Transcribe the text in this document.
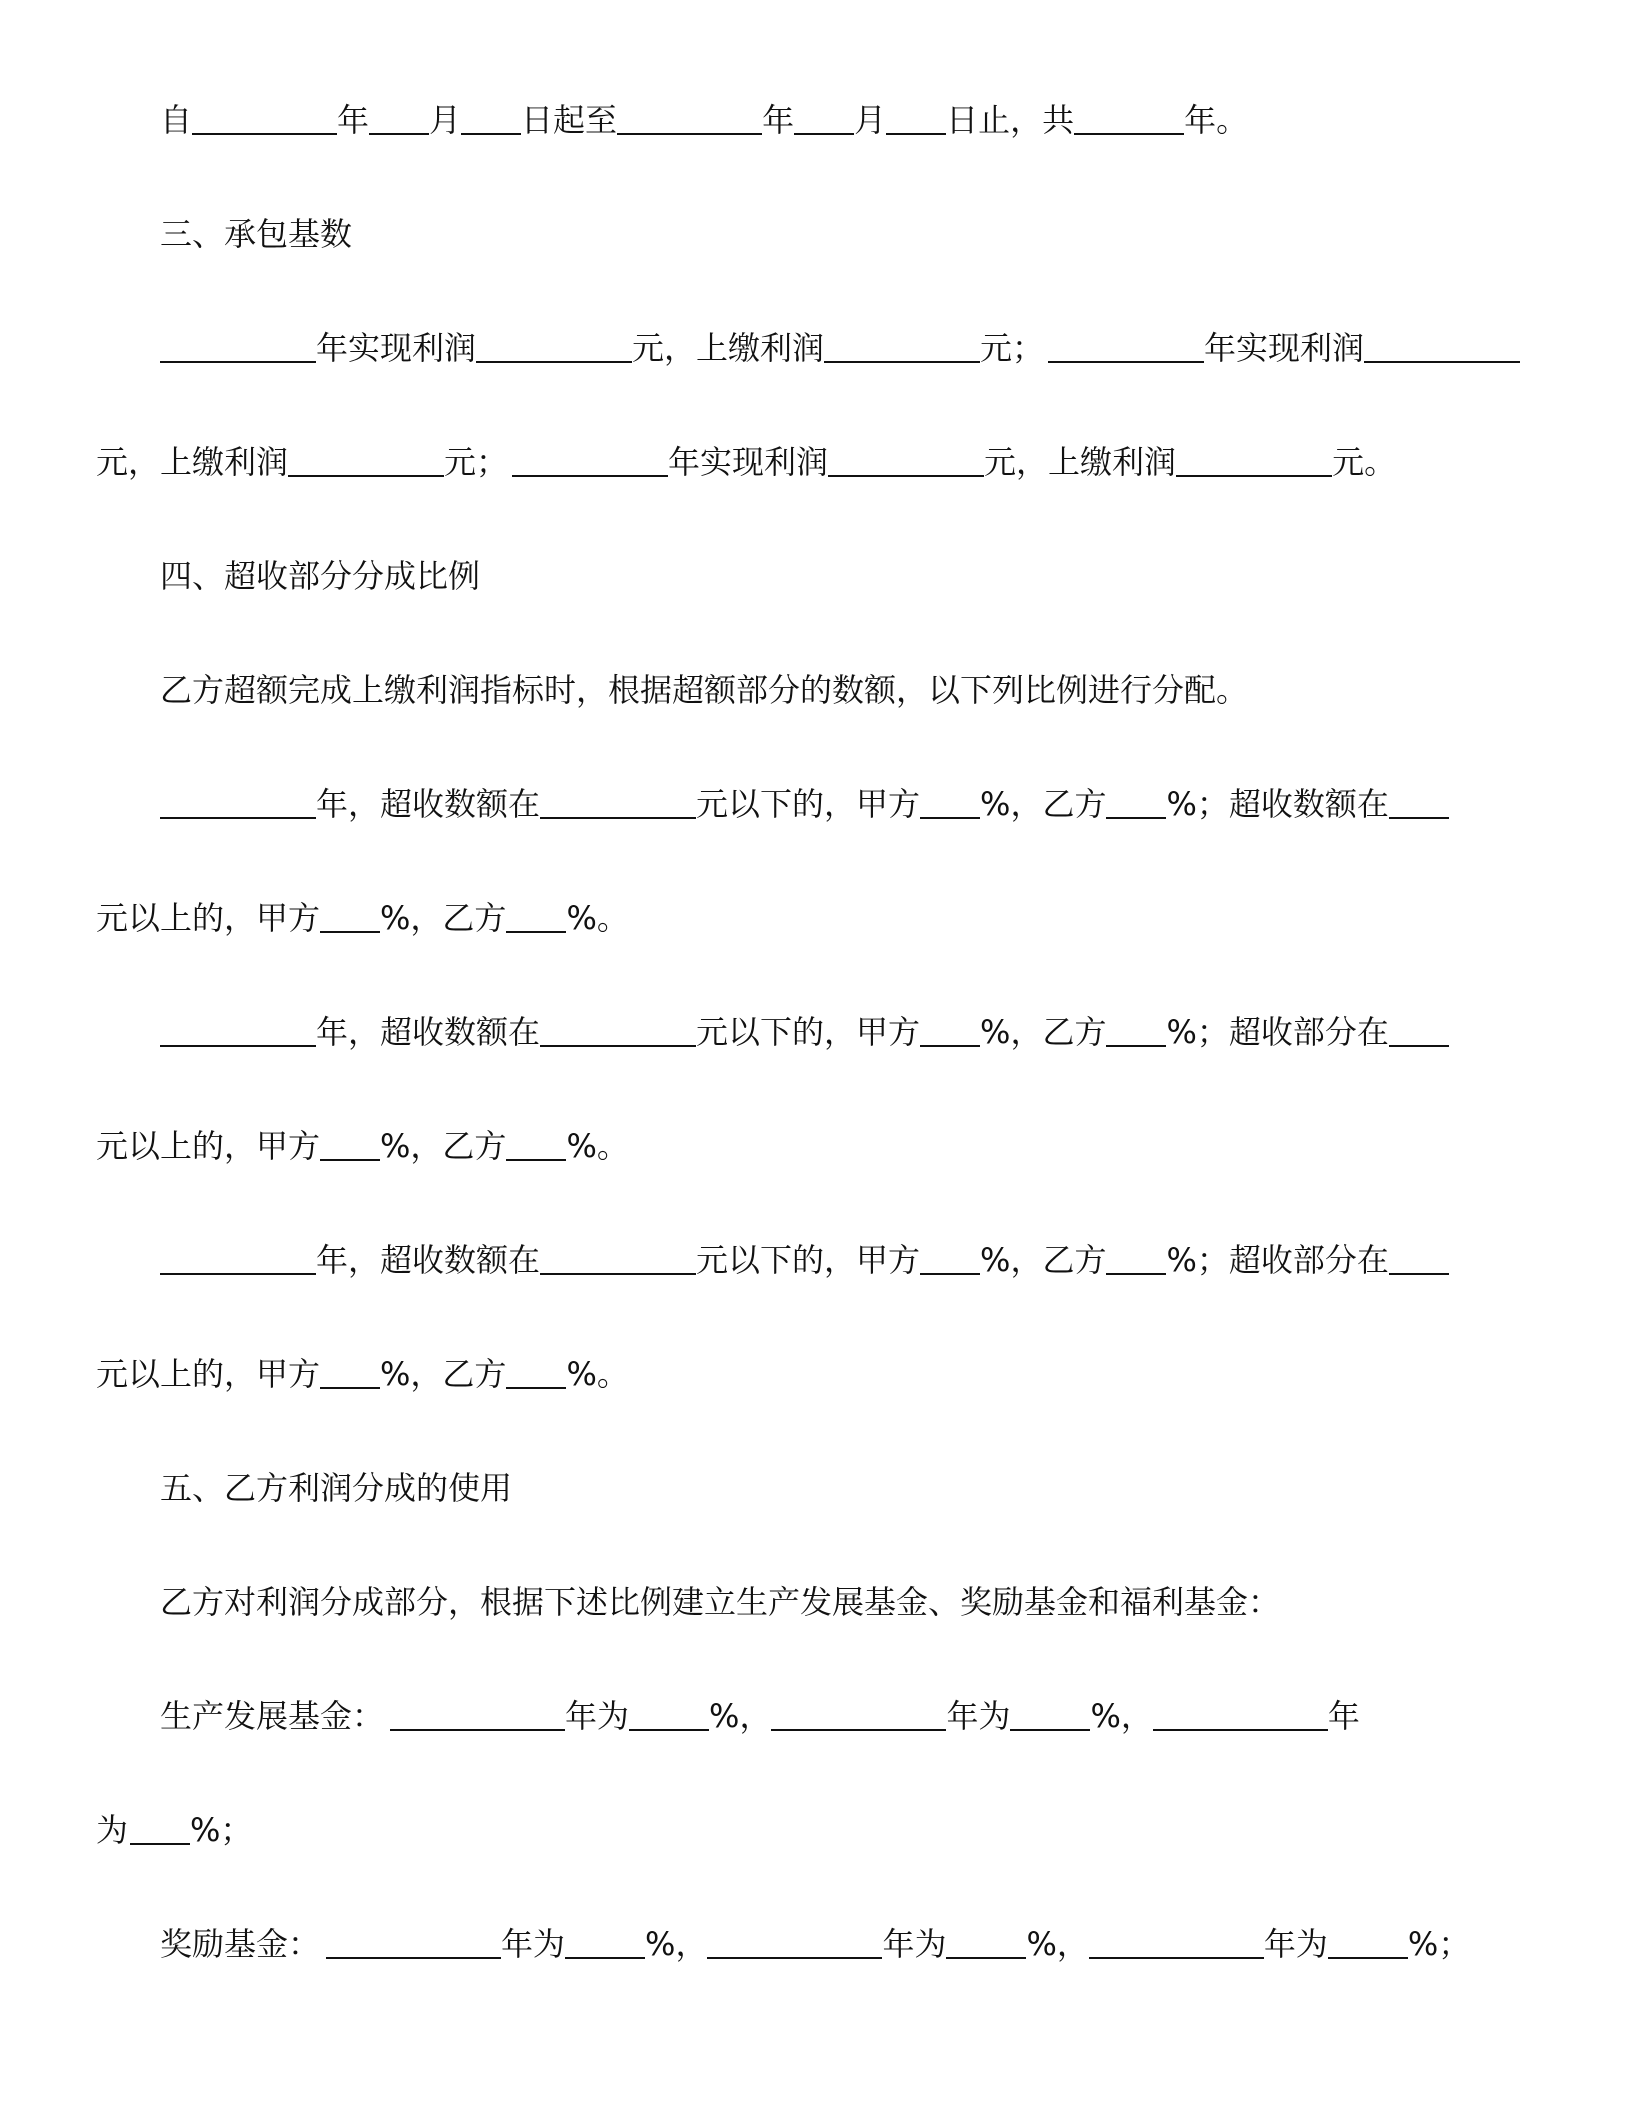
自	年 月 日起至	年 月 日止，共	年。
三、承包基数
年实现利润	元，上缴利润	元；	年实现利润
元，上缴利润	元；	年实现利润	元，上缴利润	元。
四、超收部分分成比例
乙方超额完成上缴利润指标时，根据超额部分的数额，以下列比例进行分配。
年，超收数额在	元以下的，甲方 %，乙方 %；超收数额在
元以上的，甲方 %，乙方 %。
年，超收数额在	元以下的，甲方 %，乙方 %；超收部分在
元以上的，甲方 %，乙方 %。
年，超收数额在	元以下的，甲方 %，乙方 %；超收部分在
元以上的，甲方 %，乙方 %。
五、乙方利润分成的使用
乙方对利润分成部分，根据下述比例建立生产发展基金、奖励基金和福利基金：
生产发展基金：	年为	%，	年为	%，	年
为 %；
奖励基金：	年为	%，	年为	%，	年为	%；
